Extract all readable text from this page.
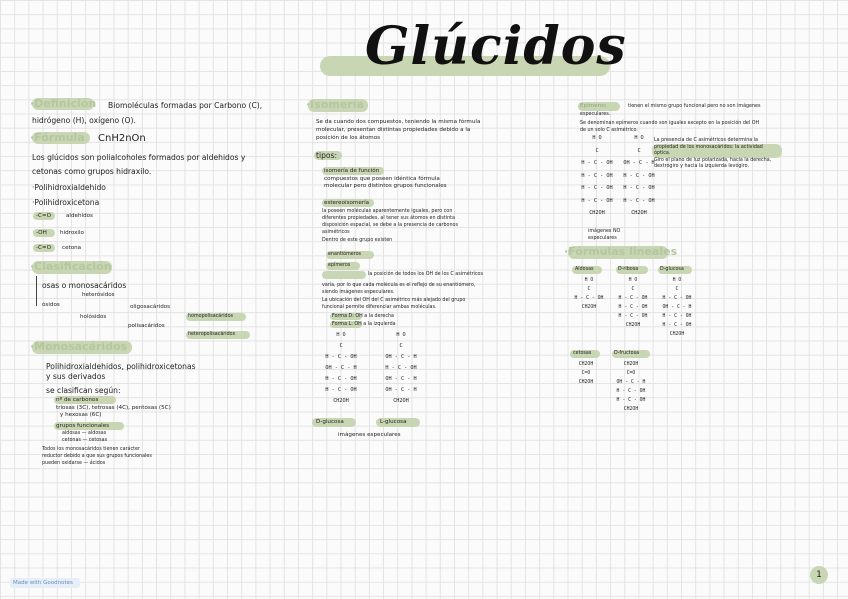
Glúcidos
·Definición Biomoléculas formadas por Carbono (C),
hidrógeno (H), oxígeno (O).
·Fórmula CnH2nOn
Los glúcidos son polialcoholes formados por aldehidos y
cetonas como grupos hidraxilo.
·Polihidroxialdehido
·Polihidroxicetona
-C=O	aldehídos
-OH hidroxilo
-C=O cetona
·Clasificación
osas o monosacáridos
heterósidos
ósidos
holósidos
oligosacáridos
polisacáridos
homopolisacáridos
heteropolisacáridos
·Monosacáridos
Polihidroxialdehidos, polihidroxicetonas
y sus derivados
se clasifican según:
nº de carbonos
triosas (3C), tetrosas (4C), pentosas (5C)
y hexosas (6C)
grupos funcionales
aldosas — aldosas
cetonas — cetosas
Todos los monosacáridos tienen carácter
reductor debido a que sus grupos funcionales
pueden oxidarse — ácidos
·Isomería
Se da cuando dos compuestos, teniendo la misma fórmula
molecular, presentan distintas propiedades debido a la
posición de los átomos
tipos:
isomería de función
compuestos que poseen idéntica fórmula
molecular pero distintos grupos funcionales
estereoisomería
la poseen moléculas aparentemente iguales, pero con
diferentes propiedades, al tener sus átomos en distinta
disposición espacial, se debe a la presencia de carbonos
asimétricos
Dentro de este grupo existen
enantiómeros
epímeros
la posición de todos los OH de los C asimétricos
varía, por lo que cada molécula es el reflejo de su enantiómero,
siendo imágenes especulares.
La ubicación del OH del C asimétrico más alejado del grupo
funcional permite diferenciar ambas moléculas.
Forma D: OH a la derecha
Forma L: OH a la izquierda
H O
C
H - C - OH
OH - C - H
H - C - OH
H - C - OH
CH2OH
H O
C
OH - C - H
H - C - OH
OH - C - H
OH - C - H
CH2OH
D-glucosa	L-glucosa
imágenes especulares
Epímeros	tienen el mismo grupo funcional pero no son imágenes
especulares.
Se denominan epímeros cuando son iguales excepto en la posición del OH
de un solo C asimétrico.
La presencia de C asimétricos determina la
propiedad de los monosacáridos: la actividad
óptica.
Giro el plano de luz polarizada, hacia la derecha,
dextrógiro y hacia la izquierda levógiro.
H O
C
H - C - OH
H - C - OH
H - C - OH
H - C - OH
CH2OH
H O
C
OH - C - H
H - C - OH
H - C - OH
H - C - OH
CH2OH
imágenes NO
especulares
·Fórmulas lineales
Aldosas	D-ribosa	D-glucosa
H O
C
H - C - OH
CH2OH
H O
C
H - C - OH
H - C - OH
H - C - OH
CH2OH
H O
C
H - C - OH
OH - C - H
H - C - OH
H - C - OH
CH2OH
cetosas	D-fructosa
CH2OH
C=O
CH2OH
CH2OH
C=O
OH - C - H
H - C - OH
H - C - OH
CH2OH
Made with Goodnotes
1
